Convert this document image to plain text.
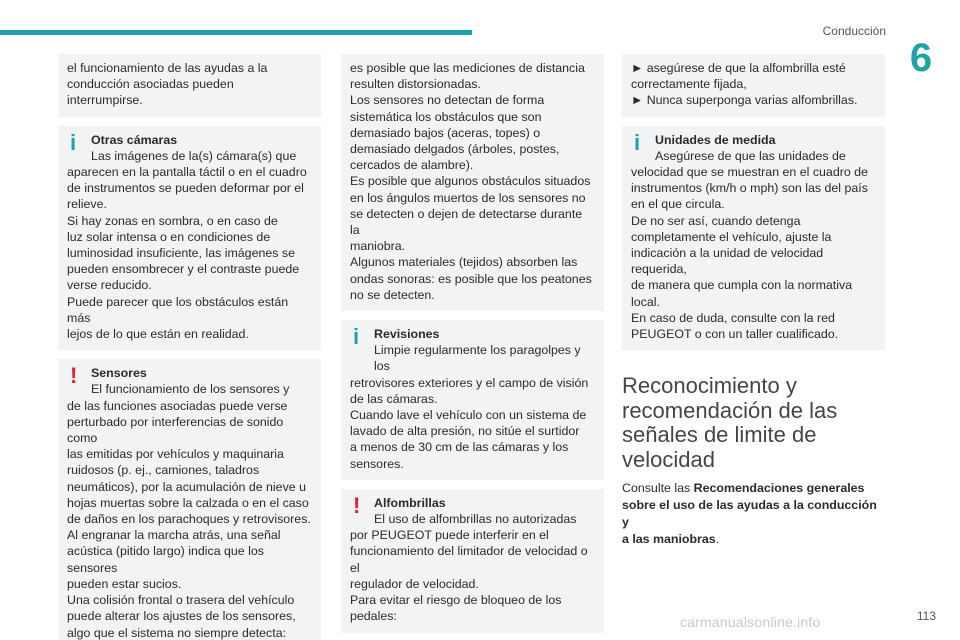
Conducción
6

el funcionamiento de las ayudas a la

conducción asociadas pueden interrumpirse.

i	Otras cámaras

Las imágenes de la(s) cámara(s) que

aparecen en la pantalla táctil o en el cuadro

de instrumentos se pueden deformar por el

relieve.

Si hay zonas en sombra, o en caso de

luz solar intensa o en condiciones de

luminosidad insuficiente, las imágenes se

pueden ensombrecer y el contraste puede

verse reducido.

Puede parecer que los obstáculos están más

lejos de lo que están en realidad.

!	Sensores

El funcionamiento de los sensores y

de las funciones asociadas puede verse

perturbado por interferencias de sonido como

las emitidas por vehículos y maquinaria

ruidosos (p. ej., camiones, taladros

neumáticos), por la acumulación de nieve u

hojas muertas sobre la calzada o en el caso

de daños en los parachoques y retrovisores.

Al engranar la marcha atrás, una señal

acústica (pitido largo) indica que los sensores

pueden estar sucios.

Una colisión frontal o trasera del vehículo

puede alterar los ajustes de los sensores,

algo que el sistema no siempre detecta:

es posible que las mediciones de distancia

resulten distorsionadas.

Los sensores no detectan de forma

sistemática los obstáculos que son

demasiado bajos (aceras, topes) o

demasiado delgados (árboles, postes,

cercados de alambre).

Es posible que algunos obstáculos situados

en los ángulos muertos de los sensores no

se detecten o dejen de detectarse durante la

maniobra.

Algunos materiales (tejidos) absorben las

ondas sonoras: es posible que los peatones

no se detecten.

i	Revisiones

Limpie regularmente los paragolpes y los

retrovisores exteriores y el campo de visión

de las cámaras.

Cuando lave el vehículo con un sistema de

lavado de alta presión, no sitúe el surtidor

a menos de 30 cm de las cámaras y los

sensores.

!	Alfombrillas

El uso de alfombrillas no autorizadas

por PEUGEOT puede interferir en el

funcionamiento del limitador de velocidad o el

regulador de velocidad.

Para evitar el riesgo de bloqueo de los

pedales:

► asegúrese de que la alfombrilla esté

correctamente fijada,

► Nunca superponga varias alfombrillas.

i	Unidades de medida

Asegúrese de que las unidades de

velocidad que se muestran en el cuadro de

instrumentos (km/h o mph) son las del país

en el que circula.

De no ser así, cuando detenga

completamente el vehículo, ajuste la

indicación a la unidad de velocidad requerida,

de manera que cumpla con la normativa

local.

En caso de duda, consulte con la red

PEUGEOT o con un taller cualificado.

Reconocimiento y
recomendación de las
señales de limite de
velocidad
Consulte las Recomendaciones generales
sobre el uso de las ayudas a la conducción y
a las maniobras.
carmanualsonline.info	113
